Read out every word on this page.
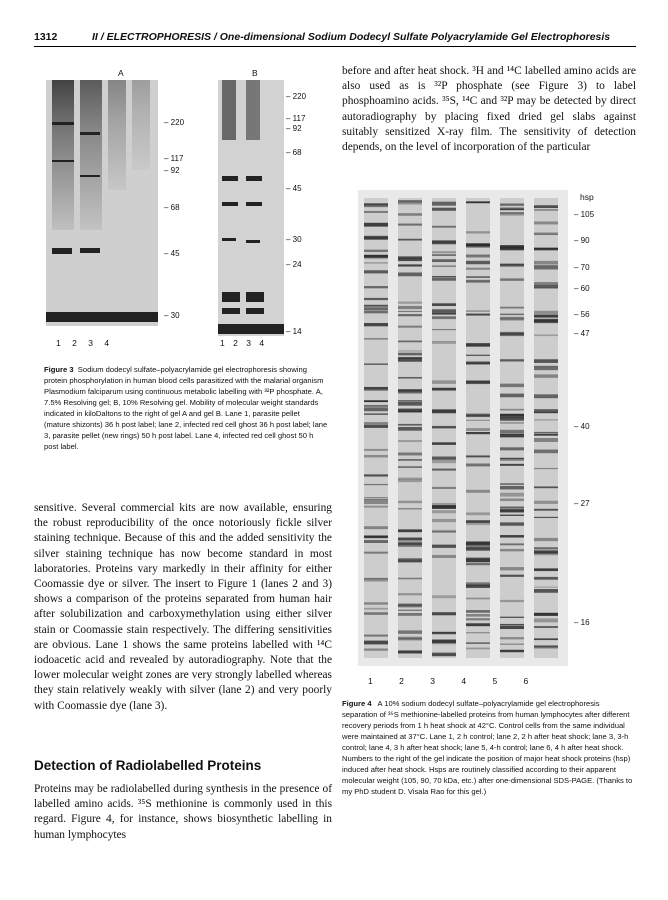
1312	II / ELECTROPHORESIS / One-dimensional Sodium Dodecyl Sulfate Polyacrylamide Gel Electrophoresis
A
– 220
– 117
– 92
– 68
– 45
– 30
1 2 3 4
B
– 220
– 117
– 92
– 68
– 45
– 30
– 24
– 14
1 2 3 4
Figure 3 Sodium dodecyl sulfate–polyacrylamide gel electrophoresis showing protein phosphorylation in human blood cells parasitized with the malarial organism Plasmodium falciparum using continuous metabolic labelling with ³²P phosphate. A, 7.5% Resolving gel; B, 10% Resolving gel. Mobility of molecular weight standards indicated in kiloDaltons to the right of gel A and gel B. Lane 1, parasite pellet (mature shizonts) 36 h post label; lane 2, infected red cell ghost 36 h post label; lane 3, parasite pellet (new rings) 50 h post label. Lane 4, infected red cell ghost 50 h post label.

sensitive. Several commercial kits are now available, ensuring the robust reproducibility of the once notoriously fickle silver staining technique. Because of this and the added sensitivity the silver staining technique has now become standard in most laboratories. Proteins vary markedly in their affinity for either Coomassie dye or silver. The insert to Figure 1 (lanes 2 and 3) shows a comparison of the proteins separated from human hair after solubilization and carboxymethylation using either silver stain or Coomassie stain respectively. The differing sensitivities are obvious. Lane 1 shows the same proteins labelled with ¹⁴C iodoacetic acid and revealed by autoradiography. Note that the lower molecular weight zones are very strongly labelled whereas they stain relatively weakly with silver (lane 2) and very poorly with Coomassie dye (lane 3).

Detection of Radiolabelled Proteins

Proteins may be radiolabelled during synthesis in the presence of labelled amino acids. ³⁵S methionine is commonly used in this regard. Figure 4, for instance, shows biosynthetic labelling in human lymphocytes

before and after heat shock. ³H and ¹⁴C labelled amino acids are also used as is ³²P phosphate (see Figure 3) to label phosphoamino acids. ³⁵S, ¹⁴C and ³²P may be detected by direct autoradiography by placing fixed dried gel slabs against suitably sensitized X-ray film. The sensitivity of detection depends, on the level of incorporation of the particular

hsp
– 105
– 90
– 70
– 60
– 56
– 47
– 40
– 27
– 16
1	2	3	4	5	6
Figure 4 A 10% sodium dodecyl sulfate–polyacrylamide gel electrophoresis separation of ³⁵S methionine-labelled proteins from human lymphocytes after different recovery periods from 1 h heat shock at 42°C. Control cells from the same individual were maintained at 37°C. Lane 1, 2 h control; lane 2, 2 h after heat shock; lane 3, 3-h control; lane 4, 3 h after heat shock; lane 5, 4-h control; lane 6, 4 h after heat shock. Numbers to the right of the gel indicate the position of major heat shock proteins (hsp) induced after heat shock. Hsps are routinely classified according to their apparent molecular weight (105, 90, 70 kDa, etc.) after one-dimensional SDS-PAGE. (Thanks to my PhD student D. Visala Rao for this gel.)
